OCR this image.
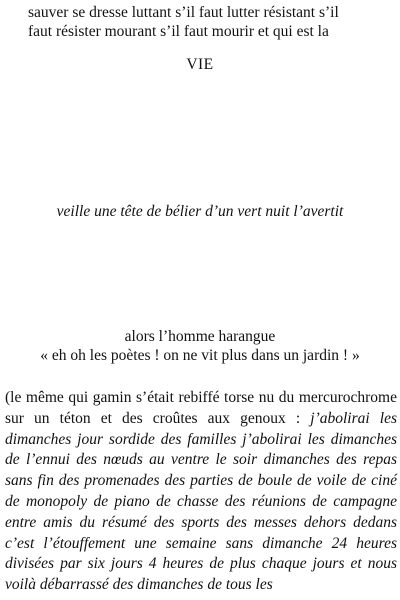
sauver se dresse luttant s’il faut lutter résistant s’il
faut résister mourant s’il faut mourir et qui est la
VIE
veille une tête de bélier d’un vert nuit l’avertit
alors l’homme harangue
« eh oh les poètes ! on ne vit plus dans un jardin ! »
(le même qui gamin s’était rebiffé torse nu du mercurochrome sur un téton et des croûtes aux genoux : j’abolirai les dimanches jour sordide des familles j’abolirai les dimanches de l’ennui des nœuds au ventre le soir dimanches des repas sans fin des promenades des parties de boule de voile de ciné de monopoly de piano de chasse des réunions de campagne entre amis du résumé des sports des messes dehors dedans c’est l’étouffement une semaine sans dimanche 24 heures divisées par six jours 4 heures de plus chaque jours et nous voilà débarrassé des dimanches de tous les
